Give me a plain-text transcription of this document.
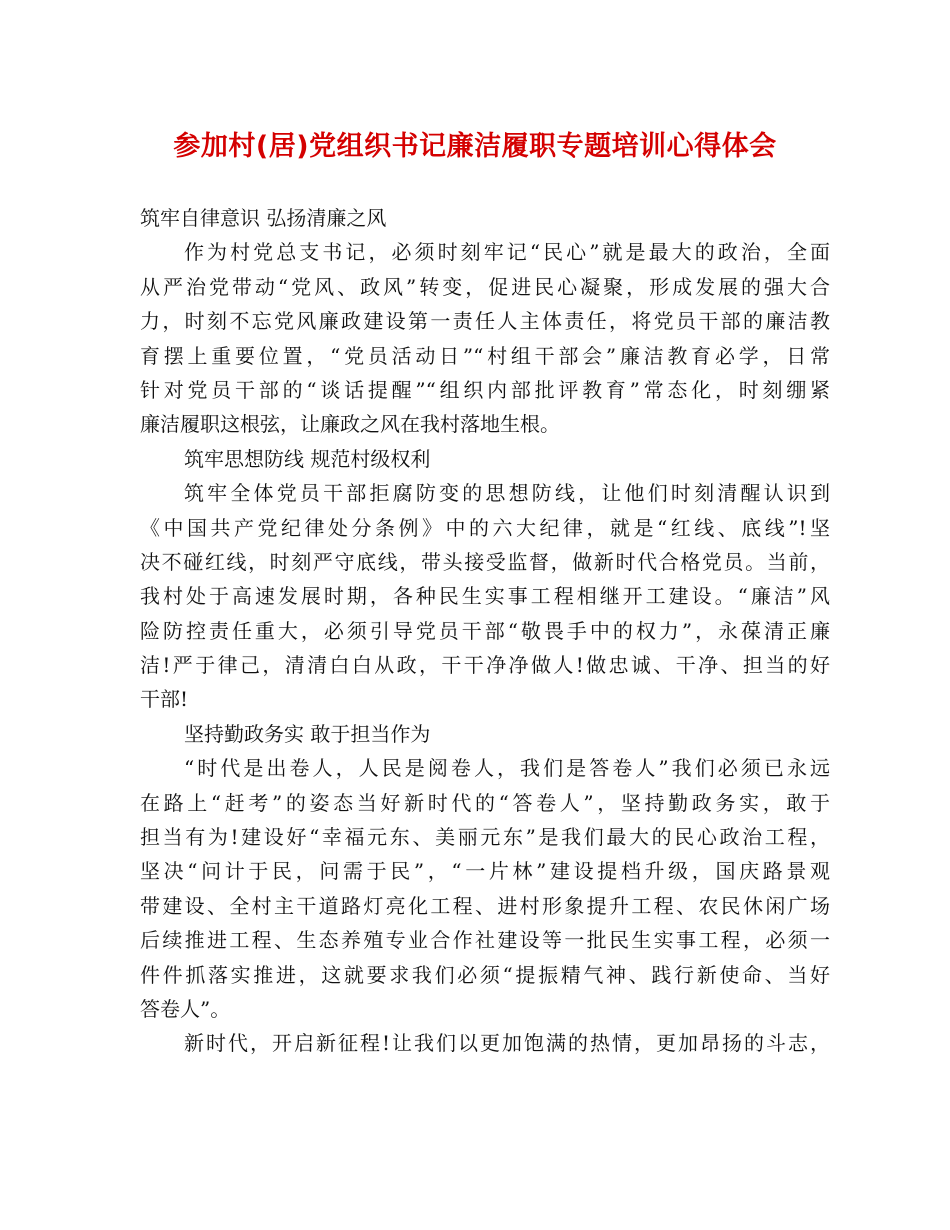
参加村(居)党组织书记廉洁履职专题培训心得体会
筑牢自律意识 弘扬清廉之风
作为村党总支书记，必须时刻牢记“民心”就是最大的政治，全面
从严治党带动“党风、政风”转变，促进民心凝聚，形成发展的强大合
力，时刻不忘党风廉政建设第一责任人主体责任，将党员干部的廉洁教
育摆上重要位置，“党员活动日”“村组干部会”廉洁教育必学，日常
针对党员干部的“谈话提醒”“组织内部批评教育”常态化，时刻绷紧
廉洁履职这根弦，让廉政之风在我村落地生根。
筑牢思想防线 规范村级权利
筑牢全体党员干部拒腐防变的思想防线，让他们时刻清醒认识到
《中国共产党纪律处分条例》中的六大纪律，就是“红线、底线”!坚
决不碰红线，时刻严守底线，带头接受监督，做新时代合格党员。当前，
我村处于高速发展时期，各种民生实事工程相继开工建设。“廉洁”风
险防控责任重大，必须引导党员干部“敬畏手中的权力”，永葆清正廉
洁!严于律己，清清白白从政，干干净净做人!做忠诚、干净、担当的好
干部!
坚持勤政务实 敢于担当作为
“时代是出卷人，人民是阅卷人，我们是答卷人”我们必须已永远
在路上“赶考”的姿态当好新时代的“答卷人”，坚持勤政务实，敢于
担当有为!建设好“幸福元东、美丽元东”是我们最大的民心政治工程，
坚决“问计于民，问需于民”，“一片林”建设提档升级，国庆路景观
带建设、全村主干道路灯亮化工程、进村形象提升工程、农民休闲广场
后续推进工程、生态养殖专业合作社建设等一批民生实事工程，必须一
件件抓落实推进，这就要求我们必须“提振精气神、践行新使命、当好
答卷人”。
新时代，开启新征程!让我们以更加饱满的热情，更加昂扬的斗志，
